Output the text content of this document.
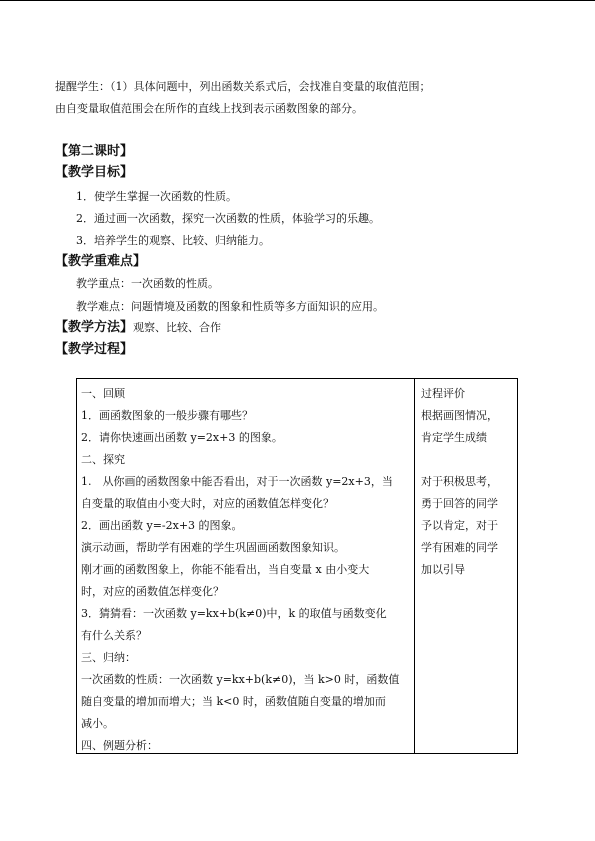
提醒学生：（1）具体问题中，列出函数关系式后，会找准自变量的取值范围；
由自变量取值范围会在所作的直线上找到表示函数图象的部分。
【第二课时】
【教学目标】
1．使学生掌握一次函数的性质。
2．通过画一次函数，探究一次函数的性质，体验学习的乐趣。
3．培养学生的观察、比较、归纳能力。
【教学重难点】
教学重点：一次函数的性质。
教学难点：问题情境及函数的图象和性质等多方面知识的应用。
【教学方法】观察、比较、合作
【教学过程】
一、回顾
1．画函数图象的一般步骤有哪些？
2．请你快速画出函数 y=2x+3 的图象。
二、探究
1.　从你画的函数图象中能否看出，对于一次函数 y=2x+3，当
自变量的取值由小变大时，对应的函数值怎样变化？
2．画出函数 y=-2x+3 的图象。
演示动画，帮助学有困难的学生巩固画函数图象知识。
刚才画的函数图象上，你能不能看出，当自变量 x 由小变大
时，对应的函数值怎样变化？
3．猜猜看：一次函数 y=kx+b(k≠0)中，k 的取值与函数变化
有什么关系？
三、归纳：
一次函数的性质：一次函数 y=kx+b(k≠0)，当 k>0 时，函数值
随自变量的增加而增大；当 k<0 时，函数值随自变量的增加而
减小。
四、例题分析：
过程评价
根据画图情况，
肯定学生成绩
对于积极思考，
勇于回答的同学
予以肯定，对于
学有困难的同学
加以引导
